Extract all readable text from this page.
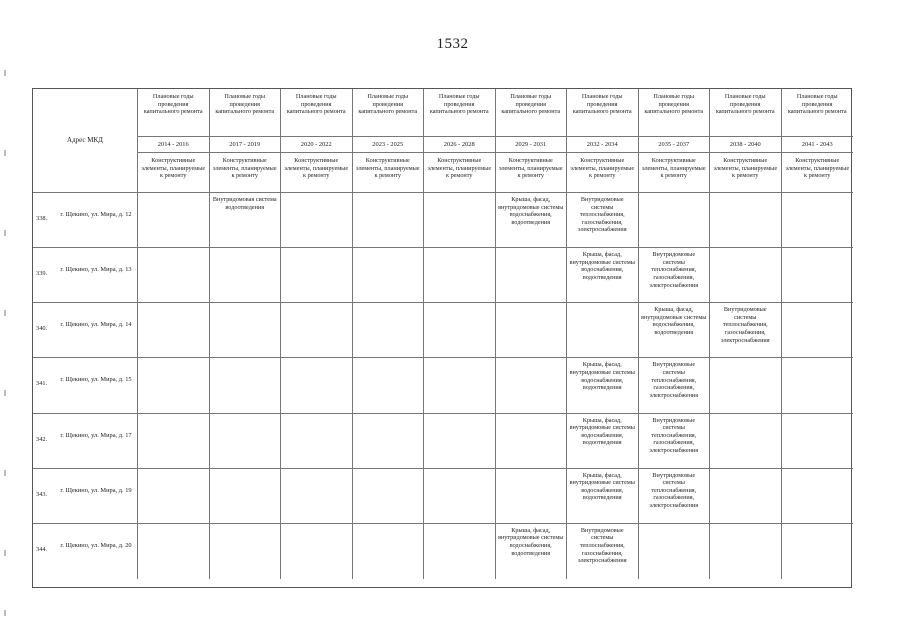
1532
Адрес МКД
Плановые годы проведения капитального ремонта
2014 - 2016
Конструктивные элементы, планируемые к ремонту
Плановые годы проведения капитального ремонта
2017 - 2019
Конструктивные элементы, планируемые к ремонту
Плановые годы проведения капитального ремонта
2020 - 2022
Конструктивные элементы, планируемые к ремонту
Плановые годы проведения капитального ремонта
2023 - 2025
Конструктивные элементы, планируемые к ремонту
Плановые годы проведения капитального ремонта
2026 - 2028
Конструктивные элементы, планируемые к ремонту
Плановые годы проведения капитального ремонта
2029 - 2031
Конструктивные элементы, планируемые к ремонту
Плановые годы проведения капитального ремонта
2032 - 2034
Конструктивные элементы, планируемые к ремонту
Плановые годы проведения капитального ремонта
2035 - 2037
Конструктивные элементы, планируемые к ремонту
Плановые годы проведения капитального ремонта
2038 - 2040
Конструктивные элементы, планируемые к ремонту
Плановые годы проведения капитального ремонта
2041 - 2043
Конструктивные элементы, планируемые к ремонту
338.
г. Щекино, ул. Мира, д. 12
Внутридомовая система водоотведения
Крыша, фасад, внутридомовые системы водоснабжения, водоотведения
Внутридомовые системы теплоснабжения, газоснабжения, электроснабжения
339.
г. Щекино, ул. Мира, д. 13
Крыша, фасад, внутридомовые системы водоснабжения, водоотведения
Внутридомовые системы теплоснабжения, газоснабжения, электроснабжения
340.
г. Щекино, ул. Мира, д. 14
Крыша, фасад, внутридомовые системы водоснабжения, водоотведения
Внутридомовые системы теплоснабжения, газоснабжения, электроснабжения
341.
г. Щекино, ул. Мира, д. 15
Крыша, фасад, внутридомовые системы водоснабжения, водоотведения
Внутридомовые системы теплоснабжения, газоснабжения, электроснабжения
342.
г. Щекино, ул. Мира, д. 17
Крыша, фасад, внутридомовые системы водоснабжения, водоотведения
Внутридомовые системы теплоснабжения, газоснабжения, электроснабжения
343.
г. Щекино, ул. Мира, д. 19
Крыша, фасад, внутридомовые системы водоснабжения, водоотведения
Внутридомовые системы теплоснабжения, газоснабжения, электроснабжения
344.
г. Щекино, ул. Мира, д. 20
Крыша, фасад, внутридомовые системы водоснабжения, водоотведения
Внутридомовые системы теплоснабжения, газоснабжения, электроснабжения
